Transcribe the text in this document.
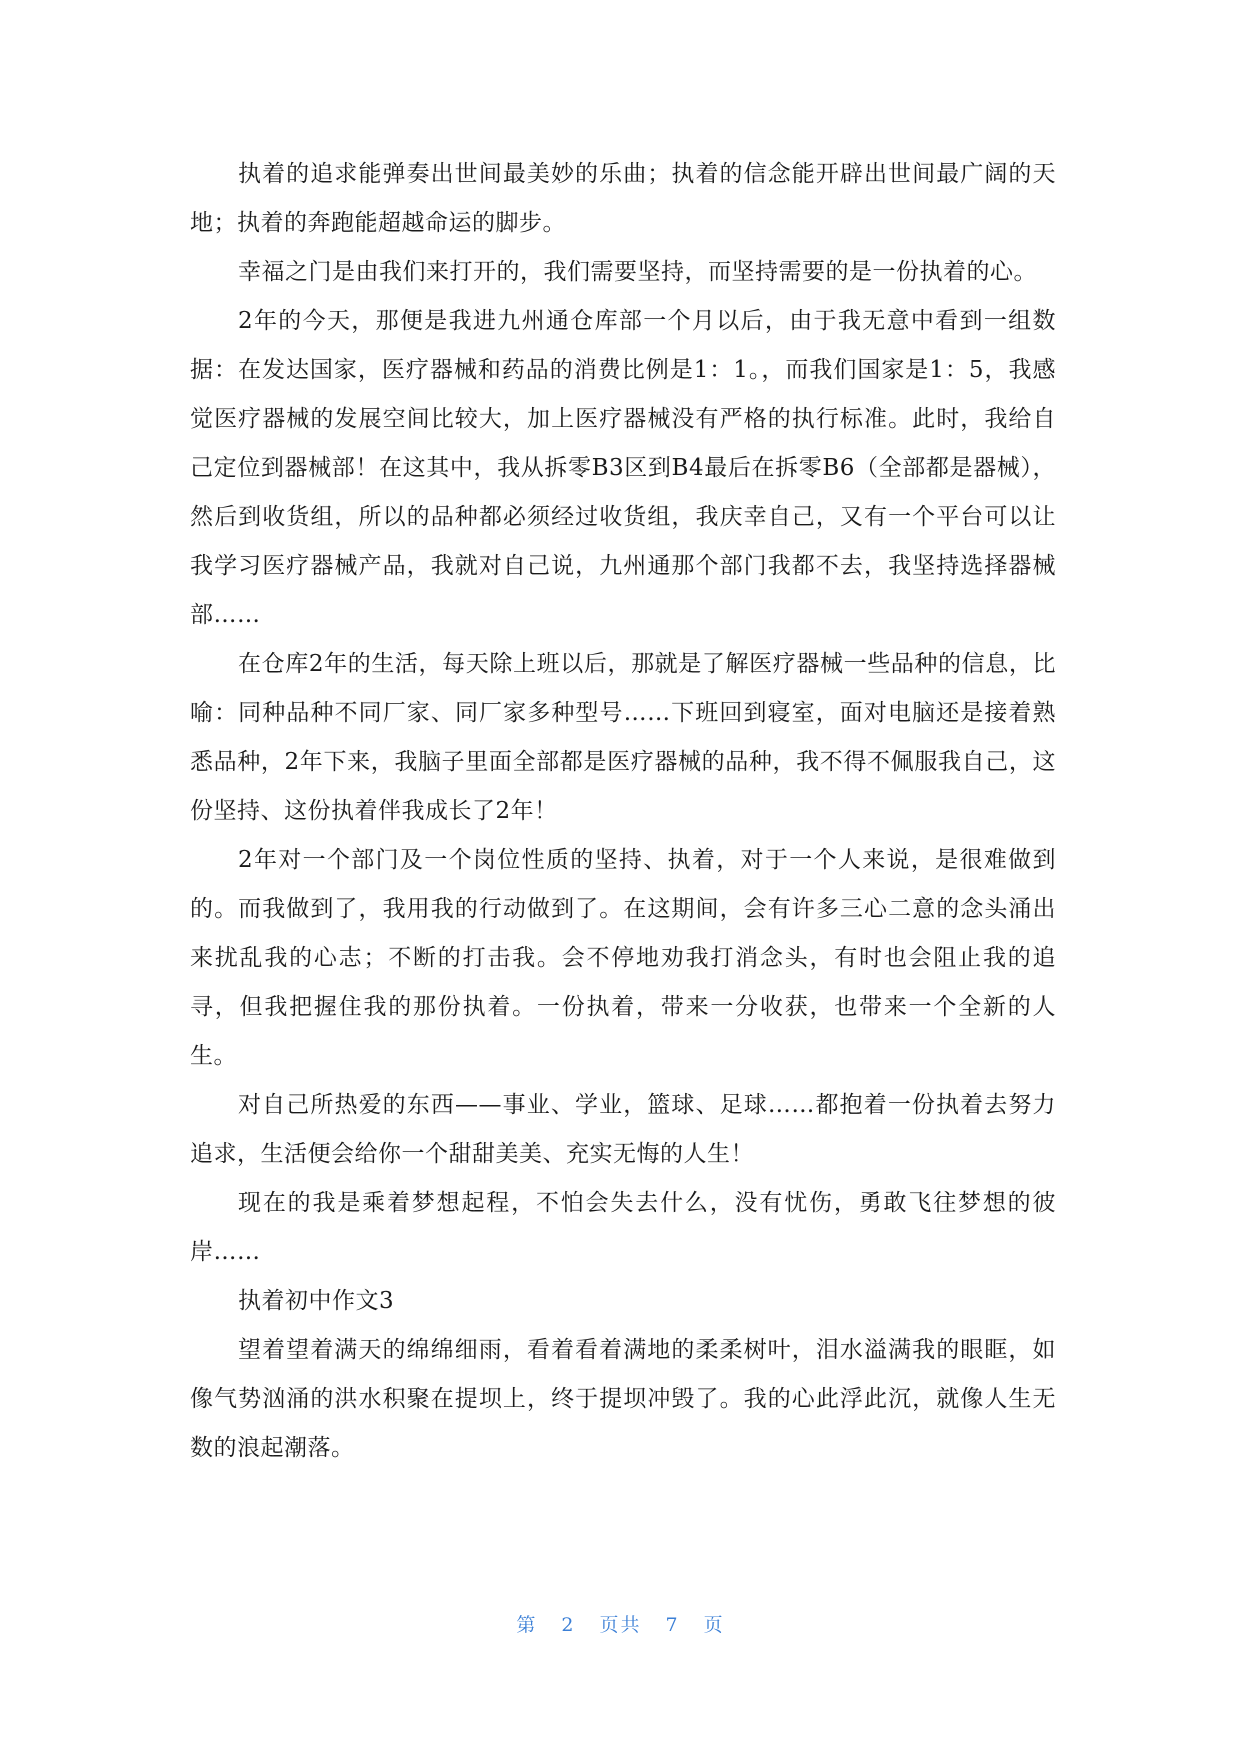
执着的追求能弹奏出世间最美妙的乐曲；执着的信念能开辟出世间最广阔的天地；执着的奔跑能超越命运的脚步。

幸福之门是由我们来打开的，我们需要坚持，而坚持需要的是一份执着的心。

2年的今天，那便是我进九州通仓库部一个月以后，由于我无意中看到一组数据：在发达国家，医疗器械和药品的消费比例是1：1。，而我们国家是1：5，我感觉医疗器械的发展空间比较大，加上医疗器械没有严格的执行标准。此时，我给自己定位到器械部！在这其中，我从拆零B3区到B4最后在拆零B6（全部都是器械），然后到收货组，所以的品种都必须经过收货组，我庆幸自己，又有一个平台可以让我学习医疗器械产品，我就对自己说，九州通那个部门我都不去，我坚持选择器械部……

在仓库2年的生活，每天除上班以后，那就是了解医疗器械一些品种的信息，比喻：同种品种不同厂家、同厂家多种型号……下班回到寝室，面对电脑还是接着熟悉品种，2年下来，我脑子里面全部都是医疗器械的品种，我不得不佩服我自己，这份坚持、这份执着伴我成长了2年！

2年对一个部门及一个岗位性质的坚持、执着，对于一个人来说，是很难做到的。而我做到了，我用我的行动做到了。在这期间，会有许多三心二意的念头涌出来扰乱我的心志；不断的打击我。会不停地劝我打消念头，有时也会阻止我的追寻，但我把握住我的那份执着。一份执着，带来一分收获，也带来一个全新的人生。

对自己所热爱的东西——事业、学业，篮球、足球……都抱着一份执着去努力追求，生活便会给你一个甜甜美美、充实无悔的人生！

现在的我是乘着梦想起程，不怕会失去什么，没有忧伤，勇敢飞往梦想的彼岸……

执着初中作文3

望着望着满天的绵绵细雨，看着看着满地的柔柔树叶，泪水溢满我的眼眶，如像气势汹涌的洪水积聚在提坝上，终于提坝冲毁了。我的心此浮此沉，就像人生无数的浪起潮落。

第 2 页共 7 页
